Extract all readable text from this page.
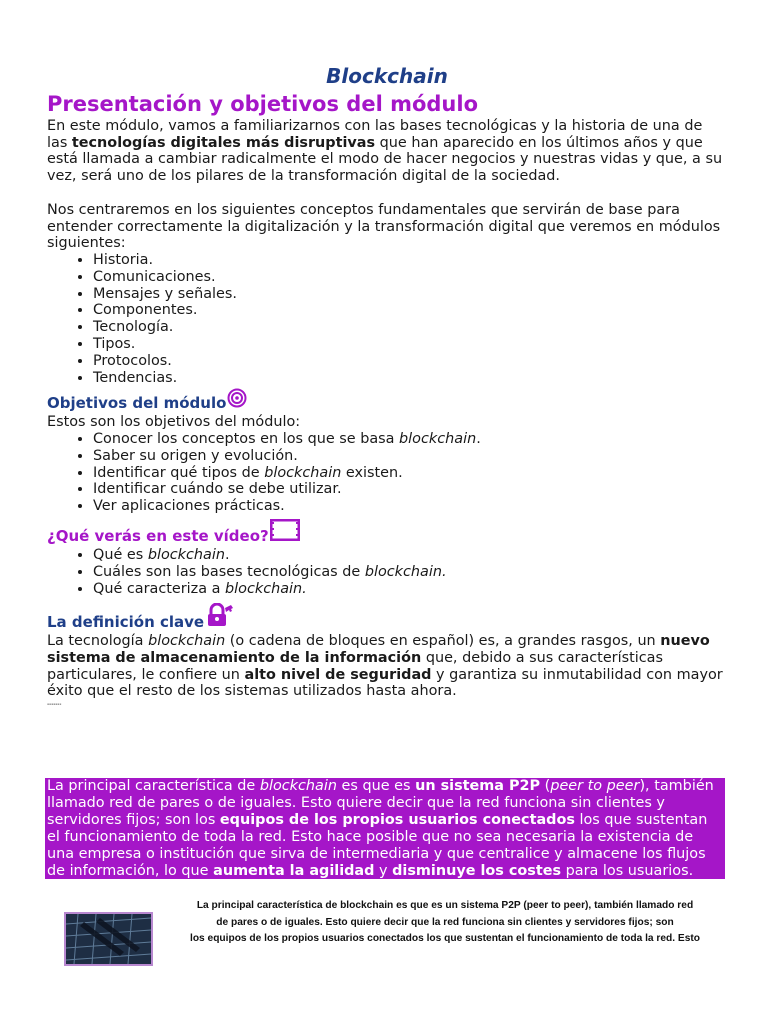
Blockchain
Presentación y objetivos del módulo

En este módulo, vamos a familiarizarnos con las bases tecnológicas y la historia de una de las tecnologías digitales más disruptivas que han aparecido en los últimos años y que está llamada a cambiar radicalmente el modo de hacer negocios y nuestras vidas y que, a su vez, será uno de los pilares de la transformación digital de la sociedad.

Nos centraremos en los siguientes conceptos fundamentales que servirán de base para entender correctamente la digitalización y la transformación digital que veremos en módulos siguientes:

• Historia.
• Comunicaciones.
• Mensajes y señales.
• Componentes.
• Tecnología.
• Tipos.
• Protocolos.
• Tendencias.
Objetivos del módulo

Estos son los objetivos del módulo:

• Conocer los conceptos en los que se basa blockchain.
• Saber su origen y evolución.
• Identificar qué tipos de blockchain existen.
• Identificar cuándo se debe utilizar.
• Ver aplicaciones prácticas.
¿Qué verás en este vídeo?
• Qué es blockchain.
• Cuáles son las bases tecnológicas de blockchain.
• Qué caracteriza a blockchain.
La definición clave

La tecnología blockchain (o cadena de bloques en español) es, a grandes rasgos, un nuevo sistema de almacenamiento de la información que, debido a sus características particulares, le confiere un alto nivel de seguridad y garantiza su inmutabilidad con mayor éxito que el resto de los sistemas utilizados hasta ahora.

▪▪▪▪▪▪▪
La principal característica de blockchain es que es un sistema P2P (peer to peer), también llamado red de pares o de iguales. Esto quiere decir que la red funciona sin clientes y servidores fijos; son los equipos de los propios usuarios conectados los que sustentan el funcionamiento de toda la red. Esto hace posible que no sea necesaria la existencia de una empresa o institución que sirva de intermediaria y que centralice y almacene los flujos de información, lo que aumenta la agilidad y disminuye los costes para los usuarios.
La principal característica de blockchain es que es un sistema P2P (peer to peer), también llamado red
de pares o de iguales. Esto quiere decir que la red funciona sin clientes y servidores fijos; son
los equipos de los propios usuarios conectados los que sustentan el funcionamiento de toda la red. Esto
